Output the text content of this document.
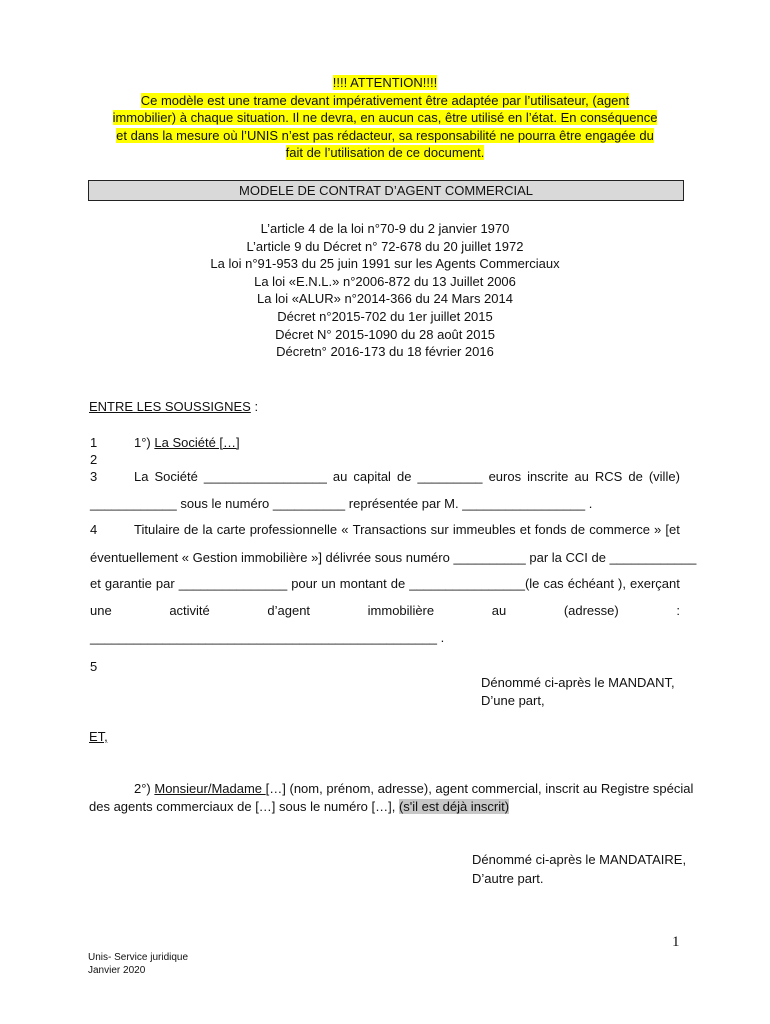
!!!! ATTENTION!!!!
Ce modèle est une trame devant impérativement être adaptée par l’utilisateur, (agent
immobilier) à chaque situation. Il ne devra, en aucun cas, être utilisé en l’état. En conséquence
et dans la mesure où l’UNIS n’est pas rédacteur, sa responsabilité ne pourra être engagée du
fait de l’utilisation de ce document.
MODELE DE CONTRAT D’AGENT COMMERCIAL
L’article 4 de la loi n°70-9 du 2 janvier 1970
L’article 9 du Décret n° 72-678 du 20 juillet 1972
La loi n°91-953 du 25 juin 1991 sur les Agents Commerciaux
La loi «E.N.L.» n°2006-872 du 13 Juillet 2006
La loi «ALUR» n°2014-366 du 24 Mars 2014
Décret n°2015-702 du 1er juillet 2015
Décret N° 2015-1090 du 28 août 2015
Décretn° 2016-173 du 18 février 2016
ENTRE LES SOUSSIGNES :
1	1°) La Société […]
2
3	La Société _________________ au capital de _________ euros inscrite au RCS de (ville)
____________ sous le numéro __________ représentée par M. _________________ .
4	Titulaire de la carte professionnelle « Transactions sur immeubles et fonds de commerce » [et
éventuellement « Gestion immobilière »] délivrée sous numéro __________ par la CCI de ____________
et garantie par _______________ pour un montant de ________________(le cas échéant ), exerçant
une	activité	d’agent	immobilière	au	(adresse)	:
________________________________________________ .
5
Dénommé ci-après le MANDANT,
D’une part,
ET,
2°) Monsieur/Madame […] (nom, prénom, adresse), agent commercial, inscrit au Registre spécial
des agents commerciaux de […] sous le numéro […], (s'il est déjà inscrit)
Dénommé ci-après le MANDATAIRE,
D’autre part.
1
Unis- Service juridique
Janvier 2020
